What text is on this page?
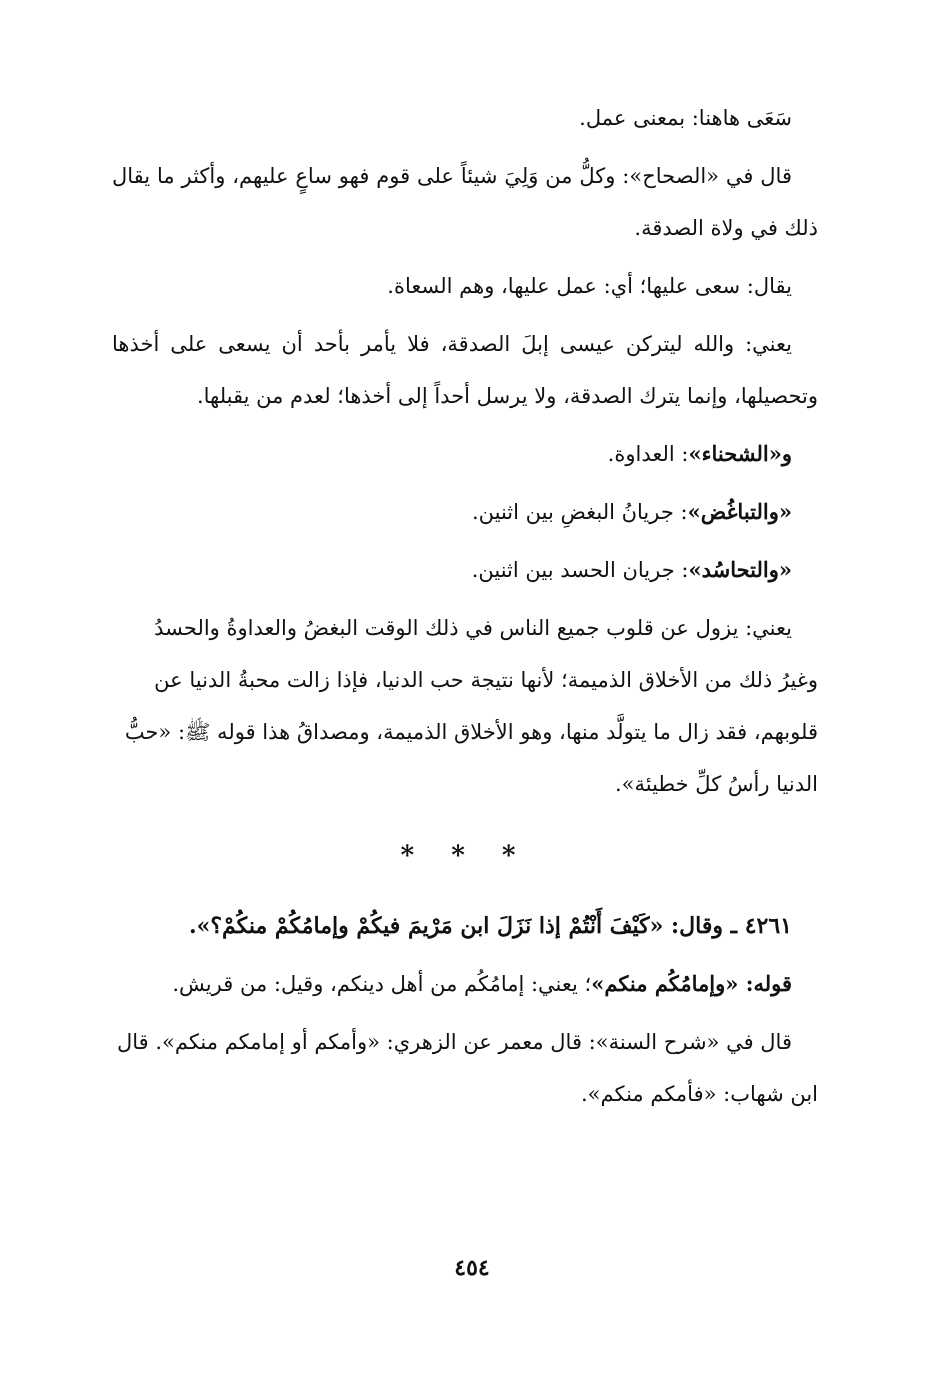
سَعَى هاهنا: بمعنى عمل.

قال في «الصحاح»: وكلُّ من وَلِيَ شيئاً على قوم فهو ساعٍ عليهم، وأكثر ما يقال ذلك في ولاة الصدقة.

يقال: سعى عليها؛ أي: عمل عليها، وهم السعاة.

يعني: والله ليتركن عيسى إبلَ الصدقة، فلا يأمر بأحد أن يسعى على أخذها وتحصيلها، وإنما يترك الصدقة، ولا يرسل أحداً إلى أخذها؛ لعدم من يقبلها.

و«الشحناء»: العداوة.

«والتباغُض»: جريانُ البغضِ بين اثنين.

«والتحاسُد»: جريان الحسد بين اثنين.

يعني: يزول عن قلوب جميع الناس في ذلك الوقت البغضُ والعداوةُ والحسدُ وغيرُ ذلك من الأخلاق الذميمة؛ لأنها نتيجة حب الدنيا، فإذا زالت محبةُ الدنيا عن قلوبهم، فقد زال ما يتولَّد منها، وهو الأخلاق الذميمة، ومصداقُ هذا قوله ﷺ: «حبُّ الدنيا رأسُ كلِّ خطيئة».

* * *

٤٢٦١ ـ وقال: «كَيْفَ أَنْتُمْ إذا نَزَلَ ابن مَرْيمَ فيكُمْ وإمامُكُمْ منكُمْ؟».

قوله: «وإمامُكُم منكم»؛ يعني: إمامُكُم من أهل دينكم، وقيل: من قريش.

قال في «شرح السنة»: قال معمر عن الزهري: «وأمكم أو إمامكم منكم». قال ابن شهاب: «فأمكم منكم».

٤٥٤
